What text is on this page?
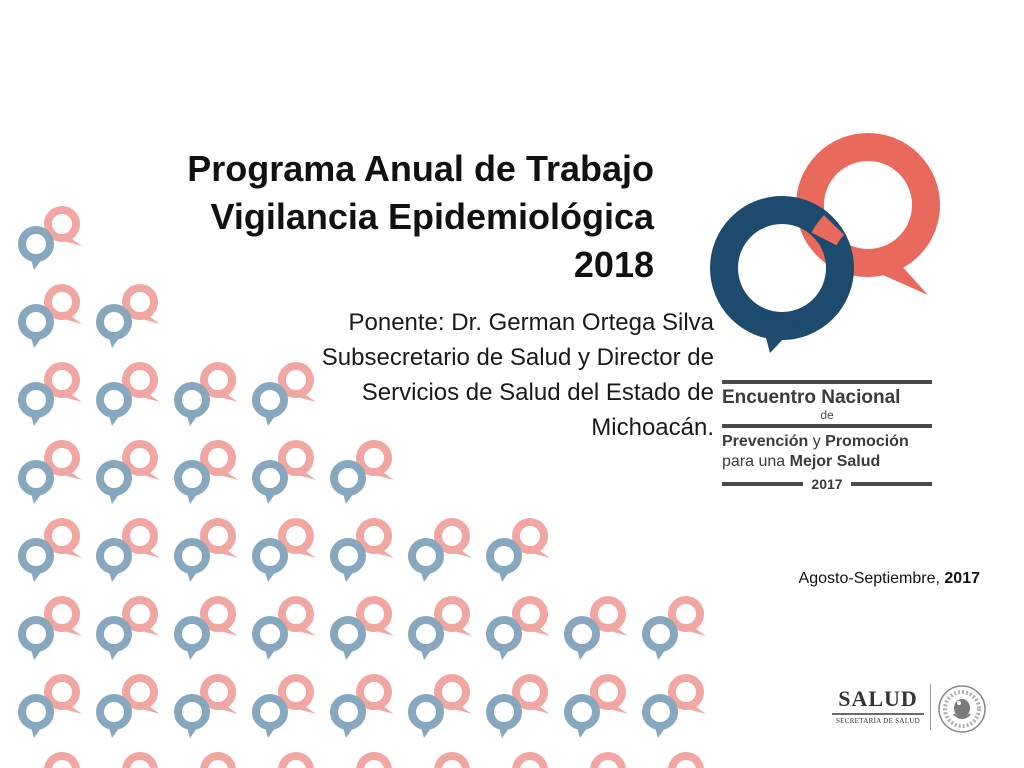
Programa Anual de Trabajo
Vigilancia Epidemiológica
2018
Ponente: Dr. German Ortega Silva
Subsecretario de Salud y Director de
Servicios de Salud del Estado de
Michoacán.
Encuentro Nacional
de
Prevención y Promoción
para una Mejor Salud
2017
Agosto-Septiembre, 2017
SALUD
SECRETARÍA DE SALUD
